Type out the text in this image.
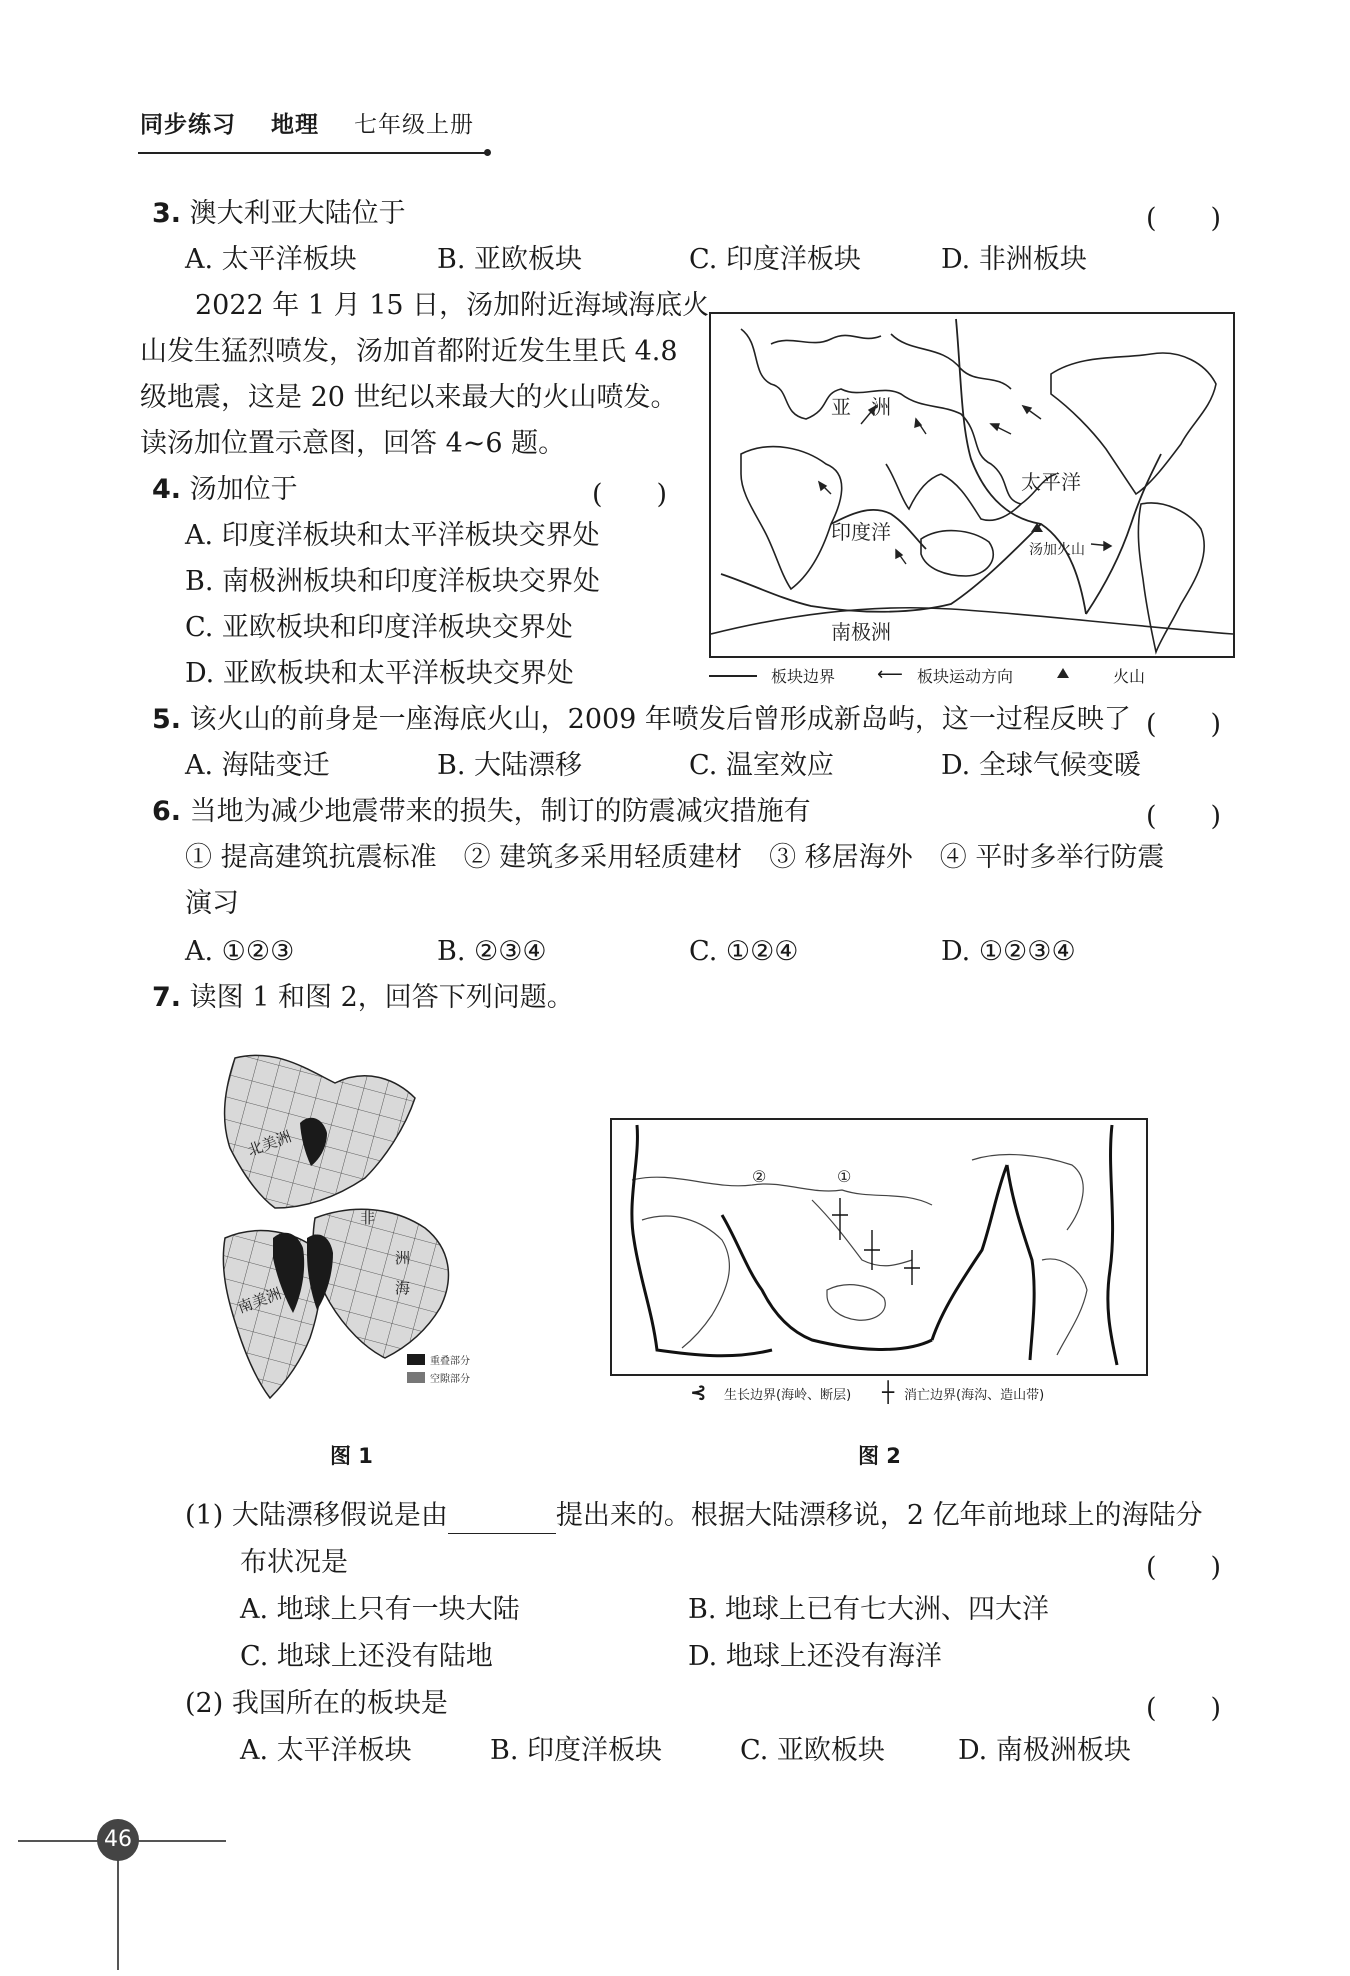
同步练习 地理 七年级上册
3. 澳大利亚大陆位于	(　　)
A. 太平洋板块	B. 亚欧板块	C. 印度洋板块	D. 非洲板块
2022 年 1 月 15 日，汤加附近海域海底火
山发生猛烈喷发，汤加首都附近发生里氏 4.8
级地震，这是 20 世纪以来最大的火山喷发。
读汤加位置示意图，回答 4~6 题。
4. 汤加位于	(　　)
A. 印度洋板块和太平洋板块交界处
B. 南极洲板块和印度洋板块交界处
C. 亚欧板块和印度洋板块交界处
D. 亚欧板块和太平洋板块交界处
亚　洲
太平洋
印度洋
汤加火山
南极洲
板块边界 ⟵ 板块运动方向	火山
5. 该火山的前身是一座海底火山，2009 年喷发后曾形成新岛屿，这一过程反映了 (　　)
A. 海陆变迁	B. 大陆漂移	C. 温室效应	D. 全球气候变暖
6. 当地为减少地震带来的损失，制订的防震减灾措施有	(　　)
① 提高建筑抗震标准　② 建筑多采用轻质建材　③ 移居海外　④ 平时多举行防震
演习
A. ①②③	B. ②③④	C. ①②④	D. ①②③④
7. 读图 1 和图 2，回答下列问题。
北美洲
非
南美洲	海
洲
重叠部分
空隙部分
①
②
⊰ 生长边界(海岭、断层) ┼ 消亡边界(海沟、造山带)
图 1	图 2
(1) 大陆漂移假说是由	提出来的。根据大陆漂移说，2 亿年前地球上的海陆分
布状况是	(　　)
A. 地球上只有一块大陆	B. 地球上已有七大洲、四大洋
C. 地球上还没有陆地	D. 地球上还没有海洋
(2) 我国所在的板块是	(　　)
A. 太平洋板块	B. 印度洋板块	C. 亚欧板块	D. 南极洲板块
46
